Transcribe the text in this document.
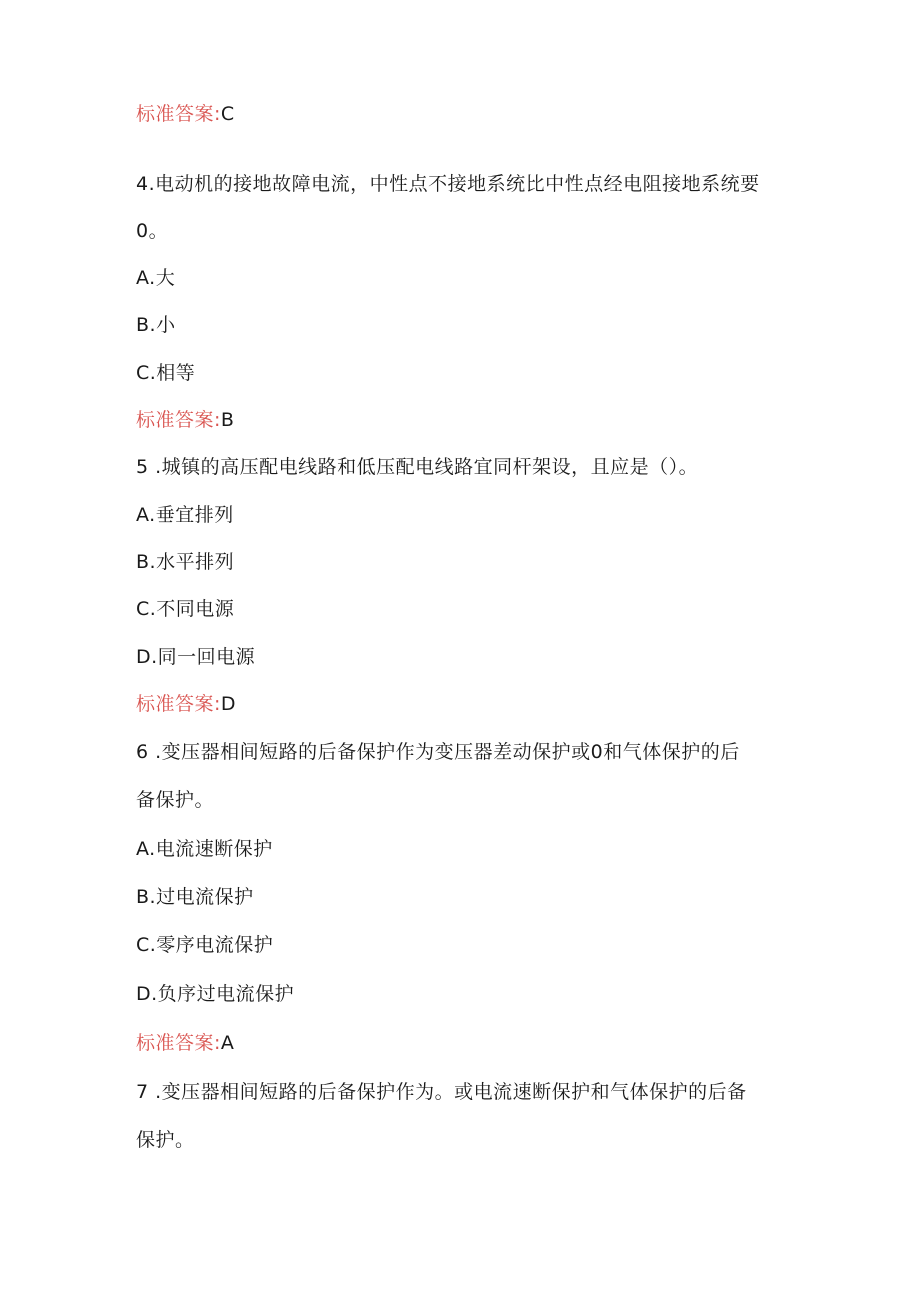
标准答案:C
4.电动机的接地故障电流，中性点不接地系统比中性点经电阻接地系统要
0。
A.大
B.小
C.相等
标准答案:B
5 .城镇的高压配电线路和低压配电线路宜同杆架设，且应是（）。
A.垂宜排列
B.水平排列
C.不同电源
D.同一回电源
标准答案:D
6 .变压器相间短路的后备保护作为变压器差动保护或0和气体保护的后
备保护。
A.电流速断保护
B.过电流保护
C.零序电流保护
D.负序过电流保护
标准答案:A
7 .变压器相间短路的后备保护作为。或电流速断保护和气体保护的后备
保护。
